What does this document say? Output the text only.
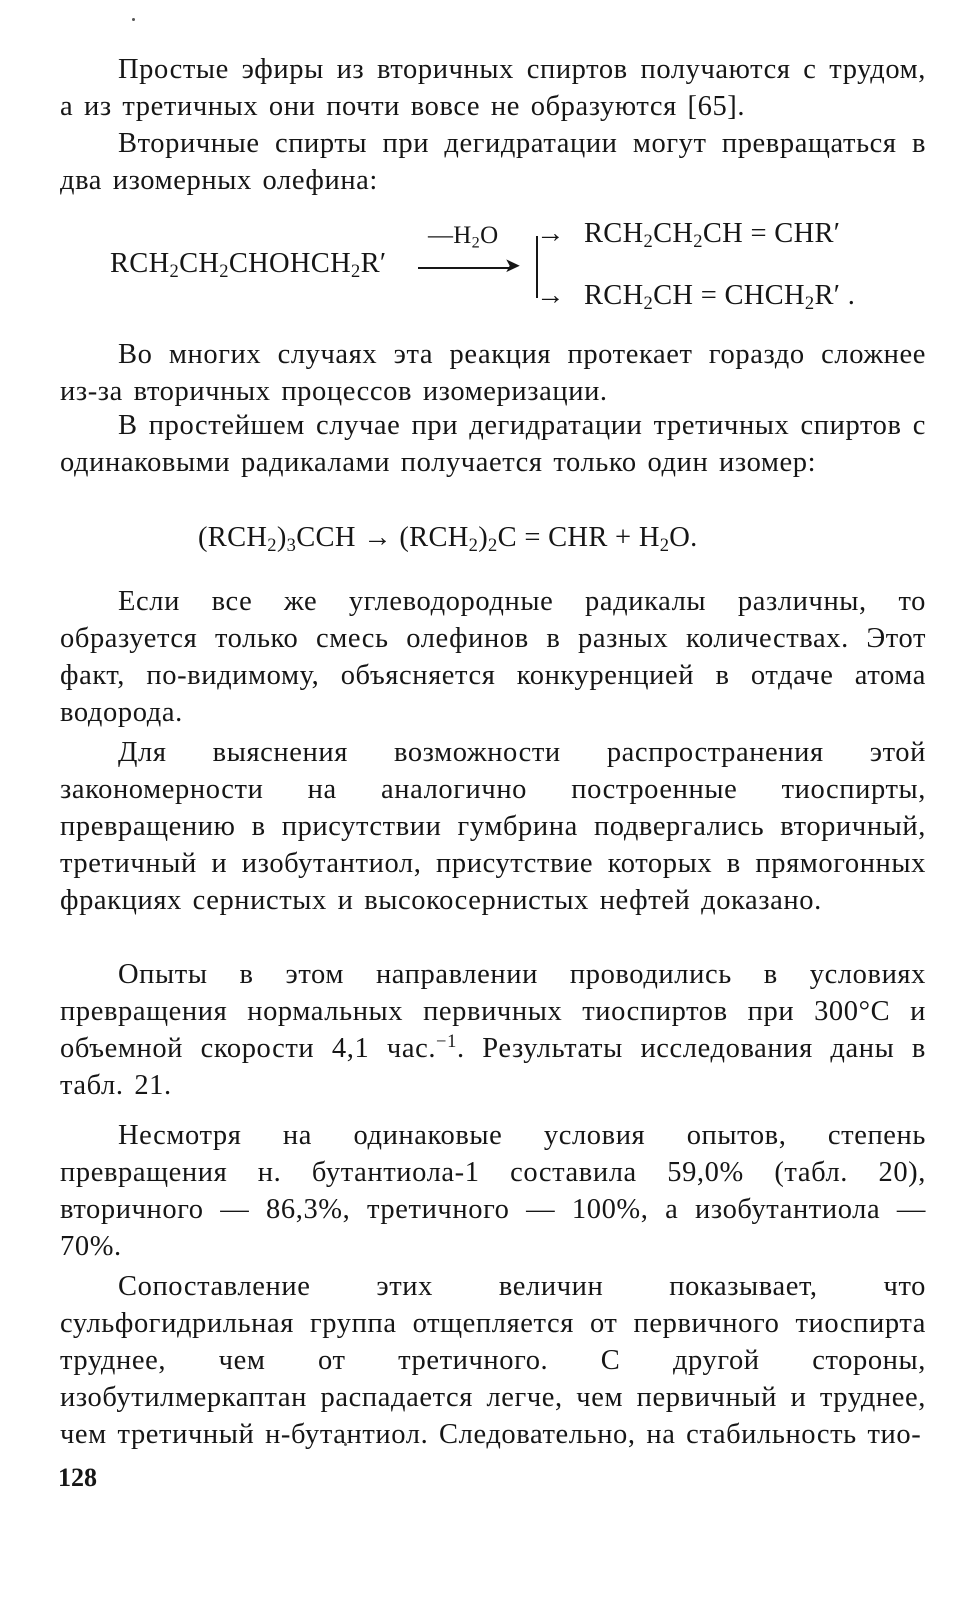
Простые эфиры из вторичных спиртов получаются с трудом, а из третичных они почти вовсе не образуются [65].

Вторичные спирты при дегидратации могут превращаться в два изомерных олефина:

$RCH_2CH_2CHOHCH_2R'$
$—H_2O$
➤
→
→
$RCH_2CH_2CH = CHR'$
$RCH_2CH$ = $CHCH_2R'$ .

Во многих случаях эта реакция протекает гораздо сложнее из-за вторичных процессов изомеризации.

В простейшем случае при дегидратации третичных спиртов с одинаковыми радикалами получается только один изомер:

$(RCH_2)_3CCH \to (RCH_2)_2C$ = CHR + $H_2O$.

Если все же углеводородные радикалы различны, то образуется только смесь олефинов в разных количествах. Этот факт, по-видимому, объясняется конкуренцией в отдаче атома водорода.

Для выяснения возможности распространения этой закономерности на аналогично построенные тиоспирты, превращению в присутствии гумбрина подвергались вторичный, третичный и изобутантиол, присутствие которых в прямогонных фракциях сернистых и высокосернистых нефтей доказано.

Опыты в этом направлении проводились в условиях превращения нормальных первичных тиоспиртов при 300°С и объемной скорости 4,1 час.$^{-1}$. Результаты исследования даны в табл. 21.

Несмотря на одинаковые условия опытов, степень превращения н. бутантиола-1 составила 59,0% (табл. 20), вторичного — 86,3%, третичного — 100%, а изобутантиола — 70%.

Сопоставление этих величин показывает, что сульфогидрильная группа отщепляется от первичного тиоспирта труднее, чем от третичного. С другой стороны, изобутилмеркаптан распадается легче, чем первичный и труднее, чем третичный н-бутантиол. Следовательно, на стабильность тио-

128
